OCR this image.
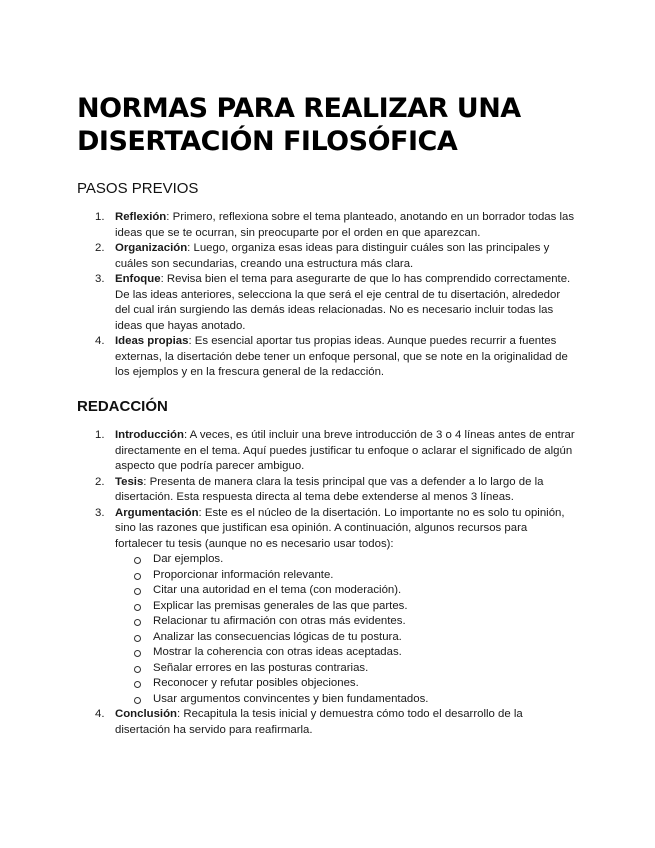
NORMAS PARA REALIZAR UNA DISERTACIÓN FILOSÓFICA
PASOS PREVIOS
1. Reflexión: Primero, reflexiona sobre el tema planteado, anotando en un borrador todas las ideas que se te ocurran, sin preocuparte por el orden en que aparezcan.
2. Organización: Luego, organiza esas ideas para distinguir cuáles son las principales y cuáles son secundarias, creando una estructura más clara.
3. Enfoque: Revisa bien el tema para asegurarte de que lo has comprendido correctamente. De las ideas anteriores, selecciona la que será el eje central de tu disertación, alrededor del cual irán surgiendo las demás ideas relacionadas. No es necesario incluir todas las ideas que hayas anotado.
4. Ideas propias: Es esencial aportar tus propias ideas. Aunque puedes recurrir a fuentes externas, la disertación debe tener un enfoque personal, que se note en la originalidad de los ejemplos y en la frescura general de la redacción.
REDACCIÓN
1. Introducción: A veces, es útil incluir una breve introducción de 3 o 4 líneas antes de entrar directamente en el tema. Aquí puedes justificar tu enfoque o aclarar el significado de algún aspecto que podría parecer ambiguo.
2. Tesis: Presenta de manera clara la tesis principal que vas a defender a lo largo de la disertación. Esta respuesta directa al tema debe extenderse al menos 3 líneas.
3. Argumentación: Este es el núcleo de la disertación. Lo importante no es solo tu opinión, sino las razones que justifican esa opinión. A continuación, algunos recursos para fortalecer tu tesis (aunque no es necesario usar todos):
Dar ejemplos.
Proporcionar información relevante.
Citar una autoridad en el tema (con moderación).
Explicar las premisas generales de las que partes.
Relacionar tu afirmación con otras más evidentes.
Analizar las consecuencias lógicas de tu postura.
Mostrar la coherencia con otras ideas aceptadas.
Señalar errores en las posturas contrarias.
Reconocer y refutar posibles objeciones.
Usar argumentos convincentes y bien fundamentados.
4. Conclusión: Recapitula la tesis inicial y demuestra cómo todo el desarrollo de la disertación ha servido para reafirmarla.
